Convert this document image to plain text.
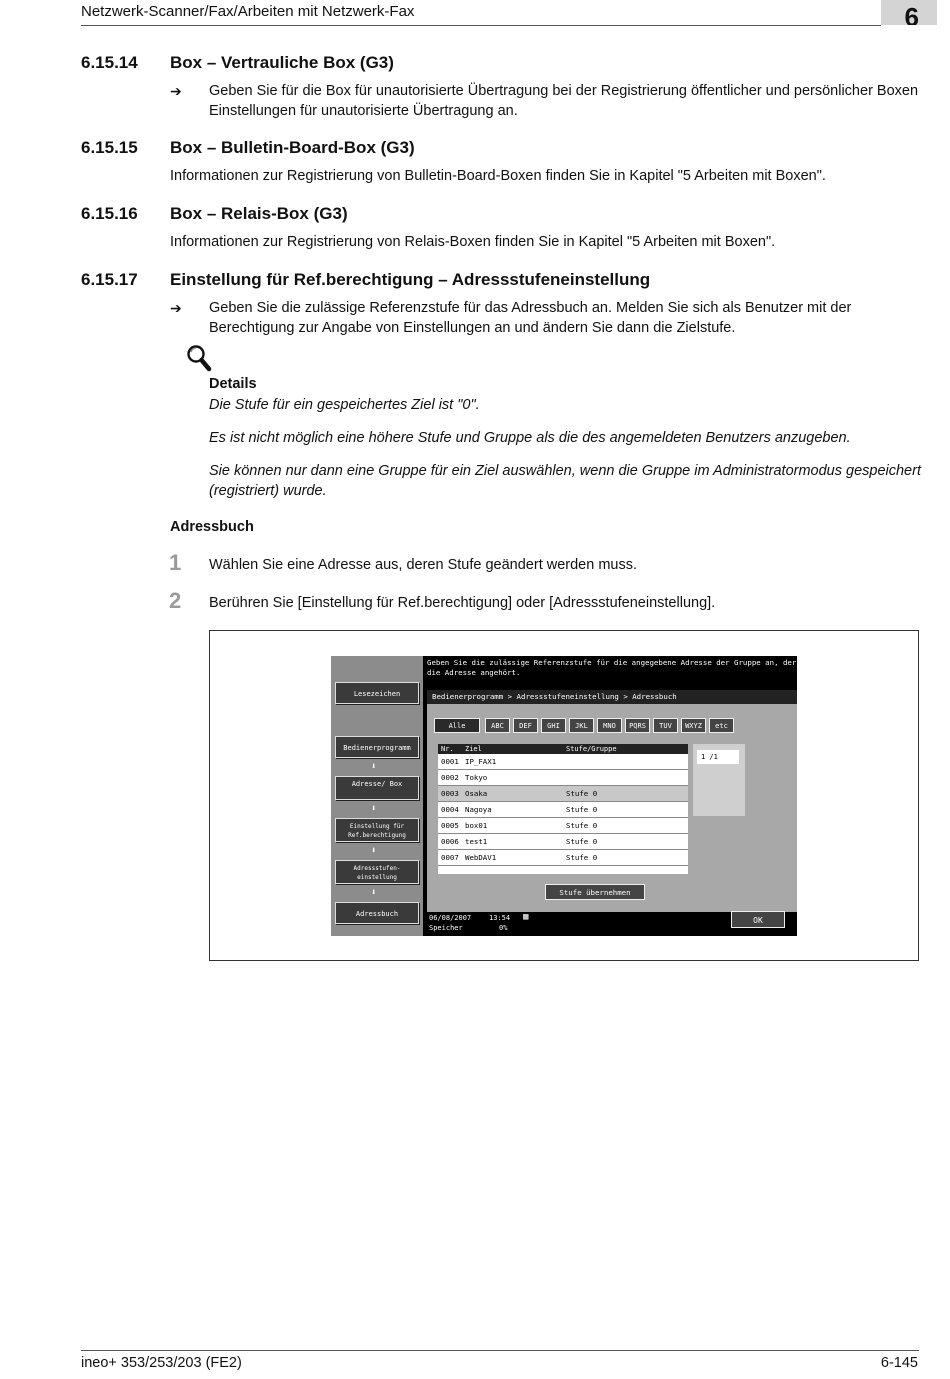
Netzwerk-Scanner/Fax/Arbeiten mit Netzwerk-Fax	6
6.15.14 Box – Vertrauliche Box (G3)
➔ Geben Sie für die Box für unautorisierte Übertragung bei der Registrierung öffentlicher und persönlicher Boxen Einstellungen für unautorisierte Übertragung an.
6.15.15 Box – Bulletin-Board-Box (G3)
Informationen zur Registrierung von Bulletin-Board-Boxen finden Sie in Kapitel "5 Arbeiten mit Boxen".
6.15.16 Box – Relais-Box (G3)
Informationen zur Registrierung von Relais-Boxen finden Sie in Kapitel "5 Arbeiten mit Boxen".
6.15.17 Einstellung für Ref.berechtigung – Adressstufeneinstellung
➔ Geben Sie die zulässige Referenzstufe für das Adressbuch an. Melden Sie sich als Benutzer mit der Berechtigung zur Angabe von Einstellungen an und ändern Sie dann die Zielstufe.
Details
Die Stufe für ein gespeichertes Ziel ist "0".
Es ist nicht möglich eine höhere Stufe und Gruppe als die des angemeldeten Benutzers anzugeben.
Sie können nur dann eine Gruppe für ein Ziel auswählen, wenn die Gruppe im Administratormodus gespeichert (registriert) wurde.
Adressbuch
1 Wählen Sie eine Adresse aus, deren Stufe geändert werden muss.
2 Berühren Sie [Einstellung für Ref.berechtigung] oder [Adressstufeneinstellung].
Lesezeichen
Bedienerprogramm
⬇
Adresse/ Box
⬇
Einstellung für Ref.berechtigung
⬇
Adressstufen- einstellung
⬇
Adressbuch
Geben Sie die zulässige Referenzstufe für die angegebene Adresse der Gruppe an, der die Adresse angehört.
Bedienerprogramm > Adressstufeneinstellung > Adressbuch
Alle	ABC	DEF	GHI	JKL	MNO	PQRS	TUV	WXYZ	etc
Nr. Ziel	Stufe/Gruppe
0001 IP_FAX1
0002 Tokyo
0003 Osaka	Stufe 0
0004 Nagoya	Stufe 0
0005 box01	Stufe 0
0006 test1	Stufe 0
0007 WebDAV1	Stufe 0
1 /1
Stufe übernehmen
06/08/2007	13:54 ▦
Speicher	0%
OK
ineo+ 353/253/203 (FE2)	6-145
